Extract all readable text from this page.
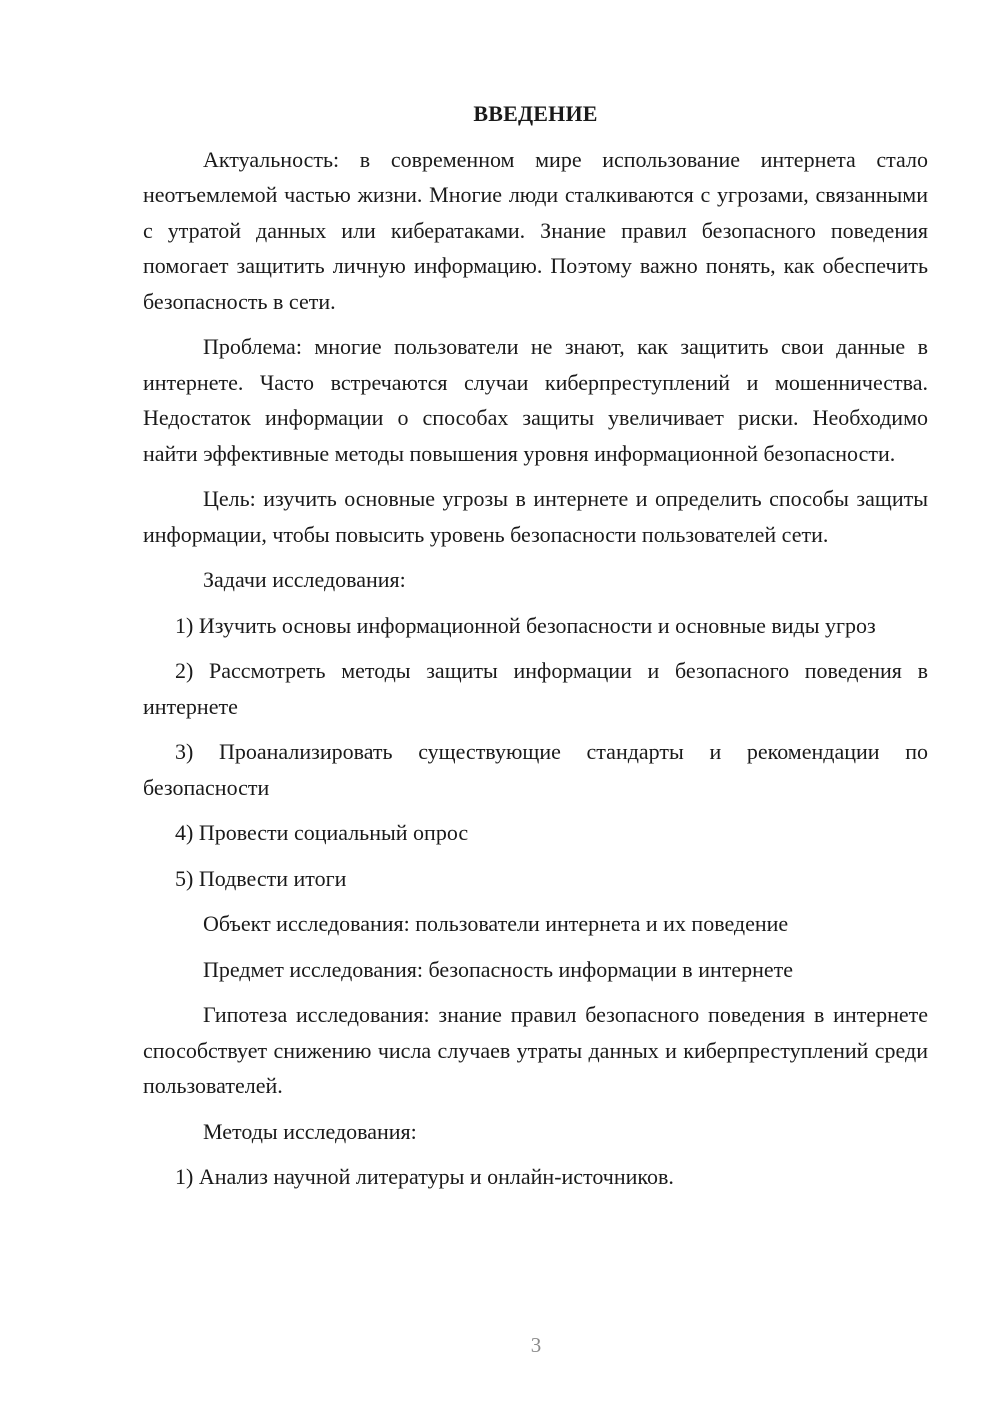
ВВЕДЕНИЕ

Актуальность: в современном мире использование интернета стало неотъемлемой частью жизни. Многие люди сталкиваются с угрозами, связанными с утратой данных или кибератаками. Знание правил безопасного поведения помогает защитить личную информацию. Поэтому важно понять, как обеспечить безопасность в сети.

Проблема: многие пользователи не знают, как защитить свои данные в интернете. Часто встречаются случаи киберпреступлений и мошенничества. Недостаток информации о способах защиты увеличивает риски. Необходимо найти эффективные методы повышения уровня информационной безопасности.

Цель: изучить основные угрозы в интернете и определить способы защиты информации, чтобы повысить уровень безопасности пользователей сети.

Задачи исследования:

1) Изучить основы информационной безопасности и основные виды угроз

2) Рассмотреть методы защиты информации и безопасного поведения в интернете

3) Проанализировать существующие стандарты и рекомендации по безопасности

4) Провести социальный опрос

5) Подвести итоги

Объект исследования: пользователи интернета и их поведение

Предмет исследования: безопасность информации в интернете

Гипотеза исследования: знание правил безопасного поведения в интернете способствует снижению числа случаев утраты данных и киберпреступлений среди пользователей.

Методы исследования:

1) Анализ научной литературы и онлайн-источников.

3
